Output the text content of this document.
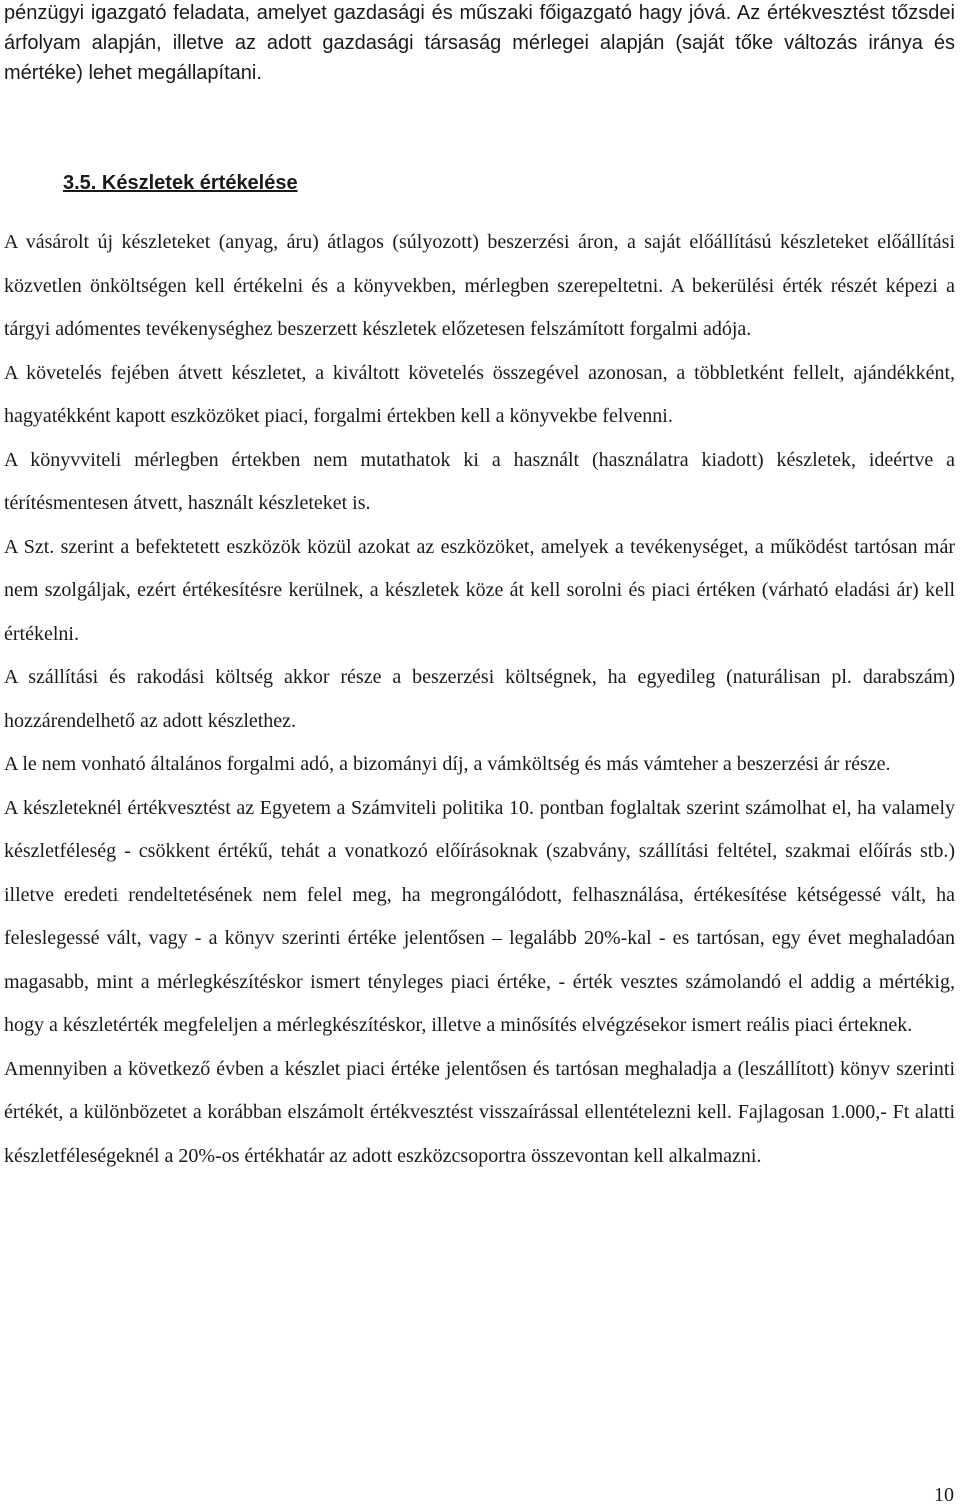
pénzügyi igazgató feladata, amelyet gazdasági és műszaki főigazgató hagy jóvá. Az értékvesztést tőzsdei árfolyam alapján, illetve az adott gazdasági társaság mérlegei alapján (saját tőke változás iránya és mértéke) lehet megállapítani.

3.5. Készletek értékelése

A vásárolt új készleteket (anyag, áru) átlagos (súlyozott) beszerzési áron, a saját előállítású készleteket előállítási közvetlen önköltségen kell értékelni és a könyvekben, mérlegben szerepeltetni. A bekerülési érték részét képezi a tárgyi adómentes tevékenységhez beszerzett készletek előzetesen felszámított forgalmi adója.

A követelés fejében átvett készletet, a kiváltott követelés összegével azonosan, a többletként fellelt, ajándékként, hagyatékként kapott eszközöket piaci, forgalmi értekben kell a könyvekbe felvenni.

A könyvviteli mérlegben értekben nem mutathatok ki a használt (használatra kiadott) készletek, ideértve a térítésmentesen átvett, használt készleteket is.

A Szt. szerint a befektetett eszközök közül azokat az eszközöket, amelyek a tevékenységet, a működést tartósan már nem szolgáljak, ezért értékesítésre kerülnek, a készletek köze át kell sorolni és piaci értéken (várható eladási ár) kell értékelni.

A szállítási és rakodási költség akkor része a beszerzési költségnek, ha egyedileg (naturálisan pl. darabszám) hozzárendelhető az adott készlethez.

A le nem vonható általános forgalmi adó, a bizományi díj, a vámköltség és más vámteher a beszerzési ár része.

A készleteknél értékvesztést az Egyetem a Számviteli politika 10. pontban foglaltak szerint számolhat el, ha valamely készletféleség - csökkent értékű, tehát a vonatkozó előírásoknak (szabvány, szállítási feltétel, szakmai előírás stb.) illetve eredeti rendeltetésének nem felel meg, ha megrongálódott, felhasználása, értékesítése kétségessé vált, ha feleslegessé vált, vagy - a könyv szerinti értéke jelentősen – legalább 20%-kal - es tartósan, egy évet meghaladóan magasabb, mint a mérlegkészítéskor ismert tényleges piaci értéke, - érték vesztes számolandó el addig a mértékig, hogy a készletérték megfeleljen a mérlegkészítéskor, illetve a minősítés elvégzésekor ismert reális piaci érteknek.

Amennyiben a következő évben a készlet piaci értéke jelentősen és tartósan meghaladja a (leszállított) könyv szerinti értékét, a különbözetet a korábban elszámolt értékvesztést visszaírással ellentételezni kell. Fajlagosan 1.000,- Ft alatti készletféleségeknél a 20%-os értékhatár az adott eszközcsoportra összevontan kell alkalmazni.

10
